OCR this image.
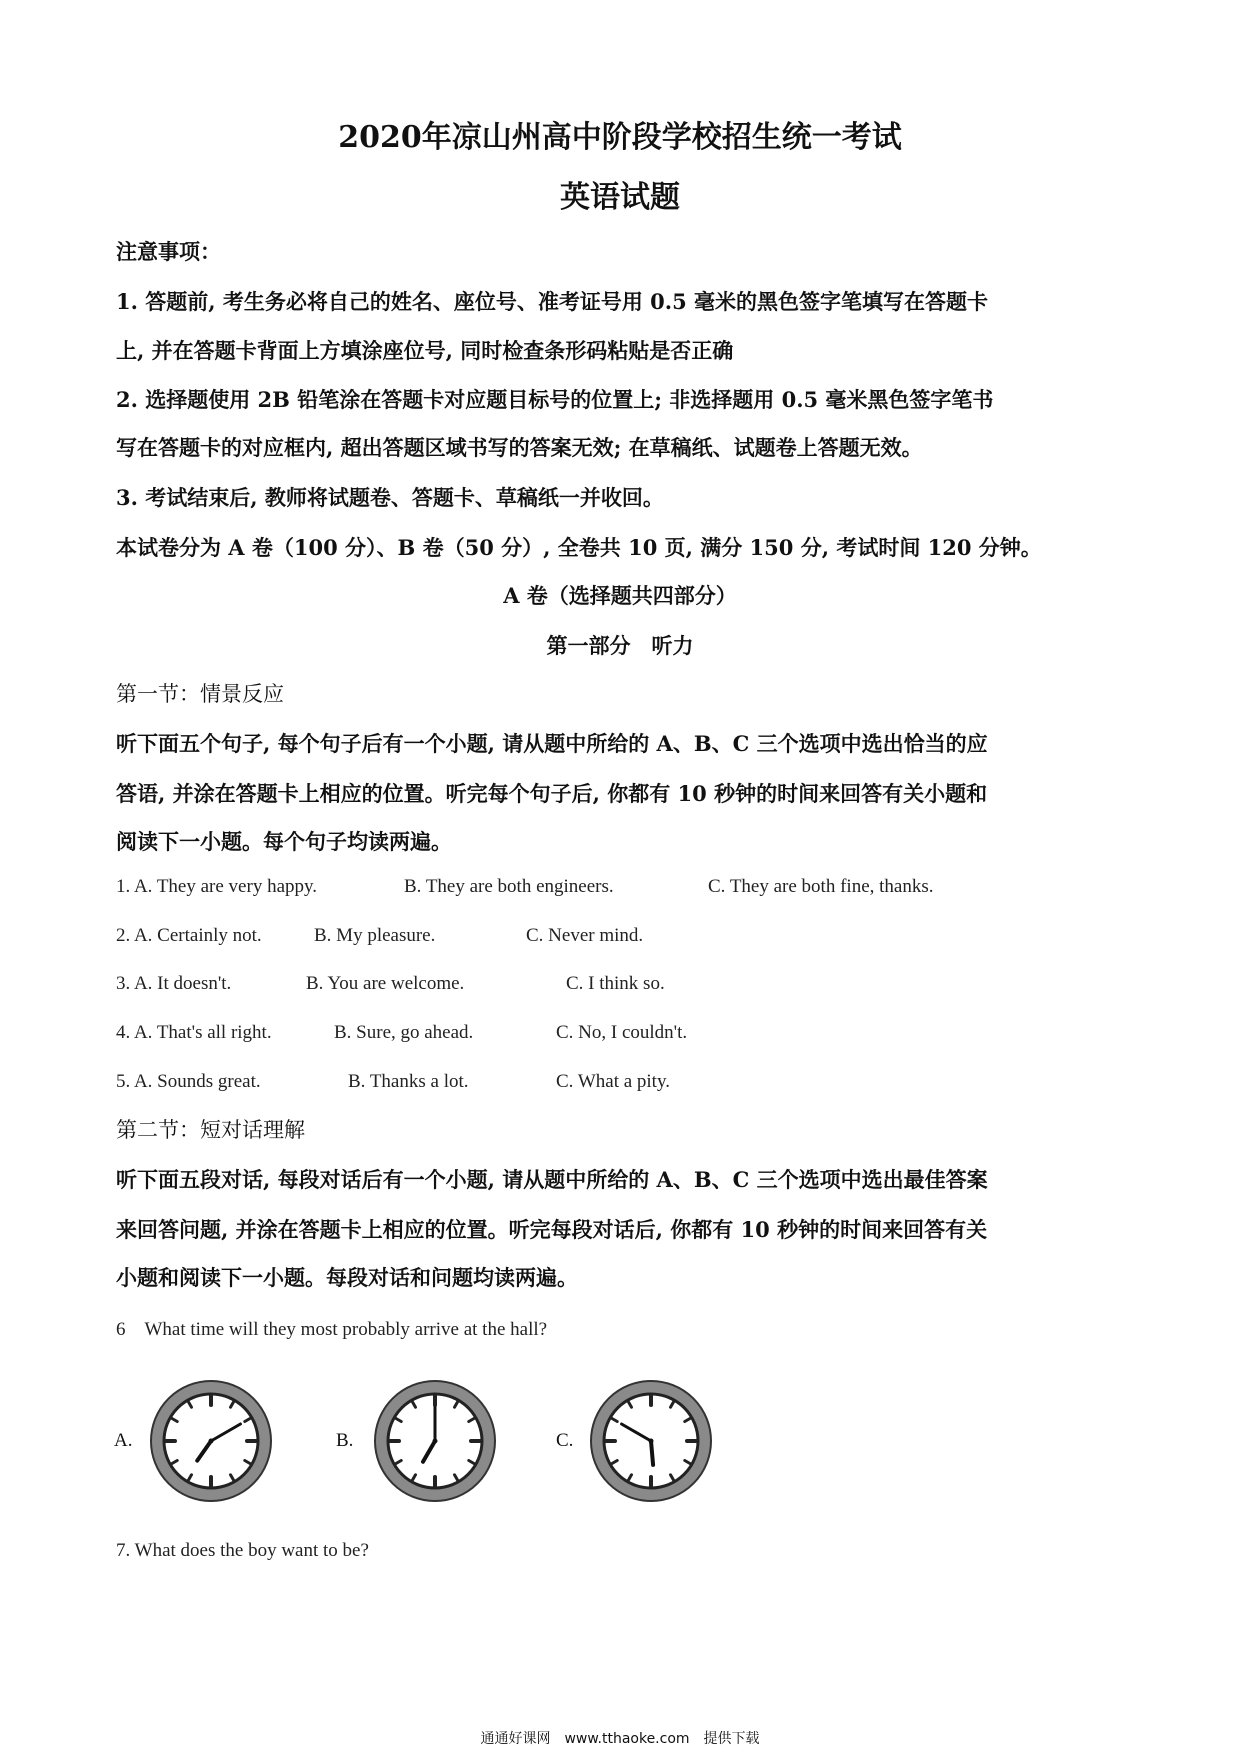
2020年凉山州高中阶段学校招生统一考试
英语试题
注意事项：
1. 答题前, 考生务必将自己的姓名、座位号、准考证号用 0.5 毫米的黑色签字笔填写在答题卡
上, 并在答题卡背面上方填涂座位号, 同时检查条形码粘贴是否正确
2. 选择题使用 2B 铅笔涂在答题卡对应题目标号的位置上; 非选择题用 0.5 毫米黑色签字笔书
写在答题卡的对应框内, 超出答题区域书写的答案无效; 在草稿纸、试题卷上答题无效。
3. 考试结束后, 教师将试题卷、答题卡、草稿纸一并收回。
本试卷分为 A 卷（100 分）、B 卷（50 分）, 全卷共 10 页, 满分 150 分, 考试时间 120 分钟。
A 卷（选择题共四部分）
第一部分　听力
第一节：情景反应
听下面五个句子, 每个句子后有一个小题, 请从题中所给的 A、B、C 三个选项中选出恰当的应
答语, 并涂在答题卡上相应的位置。听完每个句子后, 你都有 10 秒钟的时间来回答有关小题和
阅读下一小题。每个句子均读两遍。
1. A. They are very happy.	B. They are both engineers.	C. They are both fine, thanks.
2. A. Certainly not.	B. My pleasure.	C. Never mind.
3. A. It doesn't.	B. You are welcome.	C. I think so.
4. A. That's all right.	B. Sure, go ahead.	C. No, I couldn't.
5. A. Sounds great.	B. Thanks a lot.	C. What a pity.
第二节：短对话理解
听下面五段对话, 每段对话后有一个小题, 请从题中所给的 A、B、C 三个选项中选出最佳答案
来回答问题, 并涂在答题卡上相应的位置。听完每段对话后, 你都有 10 秒钟的时间来回答有关
小题和阅读下一小题。每段对话和问题均读两遍。
6　What time will they most probably arrive at the hall?
A.	B.	C.
7. What does the boy want to be?
通通好课网　www.tthaoke.com　提供下载
